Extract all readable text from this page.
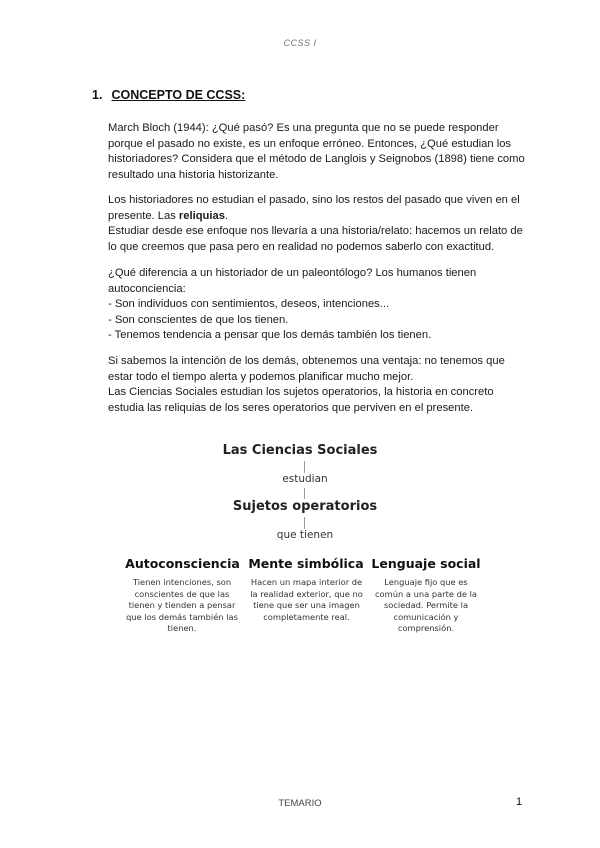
CCSS I
1. CONCEPTO DE CCSS:

March Bloch (1944): ¿Qué pasó? Es una pregunta que no se puede responder porque el pasado no existe, es un enfoque erróneo. Entonces, ¿Qué estudian los historiadores? Considera que el método de Langlois y Seignobos (1898) tiene como resultado una historia historizante.

Los historiadores no estudian el pasado, sino los restos del pasado que viven en el presente. Las reliquias.

Estudiar desde ese enfoque nos llevaría a una historia/relato: hacemos un relato de lo que creemos que pasa pero en realidad no podemos saberlo con exactitud.

¿Qué diferencia a un historiador de un paleontólogo? Los humanos tienen autoconciencia:

- Son individuos con sentimientos, deseos, intenciones...

- Son conscientes de que los tienen.

- Tenemos tendencia a pensar que los demás también los tienen.

Si sabemos la intención de los demás, obtenemos una ventaja: no tenemos que estar todo el tiempo alerta y podemos planificar mucho mejor.

Las Ciencias Sociales estudian los sujetos operatorios, la historia en concreto estudia las reliquias de los seres operatorios que perviven en el presente.

Las Ciencias Sociales
estudian
Sujetos operatorios
que tienen
Autoconsciencia
Tienen intenciones, son conscientes de que las tienen y tienden a pensar que los demás también las tienen.
Mente simbólica
Hacen un mapa interior de la realidad exterior, que no tiene que ser una imagen completamente real.
Lenguaje social
Lenguaje fijo que es común a una parte de la sociedad. Permite la comunicación y comprensión.
TEMARIO	1
